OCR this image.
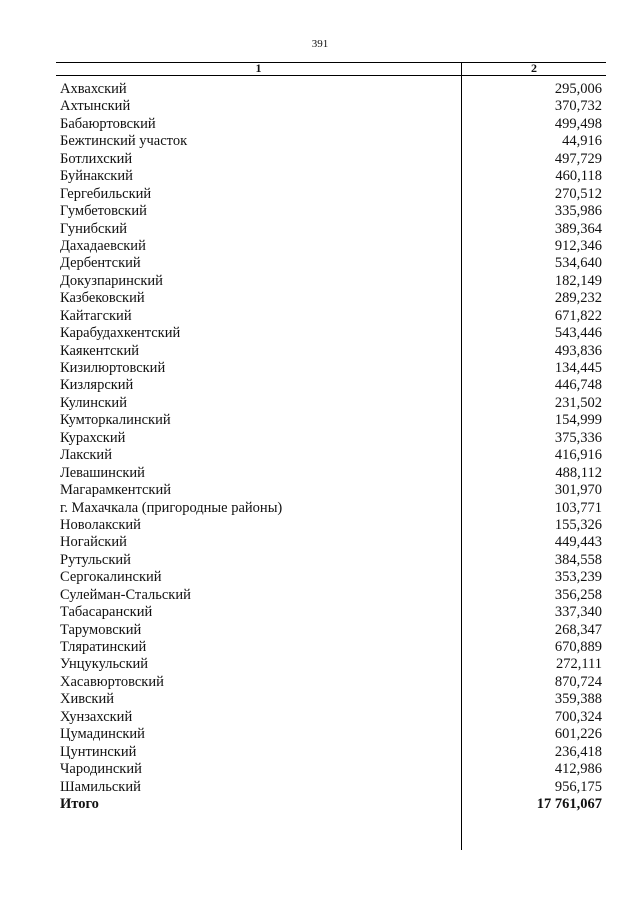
391
1	2
Ахвахский	295,006
Ахтынский	370,732
Бабаюртовский	499,498
Бежтинский участок	44,916
Ботлихский	497,729
Буйнакский	460,118
Гергебильский	270,512
Гумбетовский	335,986
Гунибский	389,364
Дахадаевский	912,346
Дербентский	534,640
Докузпаринский	182,149
Казбековский	289,232
Кайтагский	671,822
Карабудахкентский	543,446
Каякентский	493,836
Кизилюртовский	134,445
Кизлярский	446,748
Кулинский	231,502
Кумторкалинский	154,999
Курахский	375,336
Лакский	416,916
Левашинский	488,112
Магарамкентский	301,970
г. Махачкала (пригородные районы)	103,771
Новолакский	155,326
Ногайский	449,443
Рутульский	384,558
Сергокалинский	353,239
Сулейман-Стальский	356,258
Табасаранский	337,340
Тарумовский	268,347
Тляратинский	670,889
Унцукульский	272,111
Хасавюртовский	870,724
Хивский	359,388
Хунзахский	700,324
Цумадинский	601,226
Цунтинский	236,418
Чародинский	412,986
Шамильский	956,175
Итого	17 761,067
